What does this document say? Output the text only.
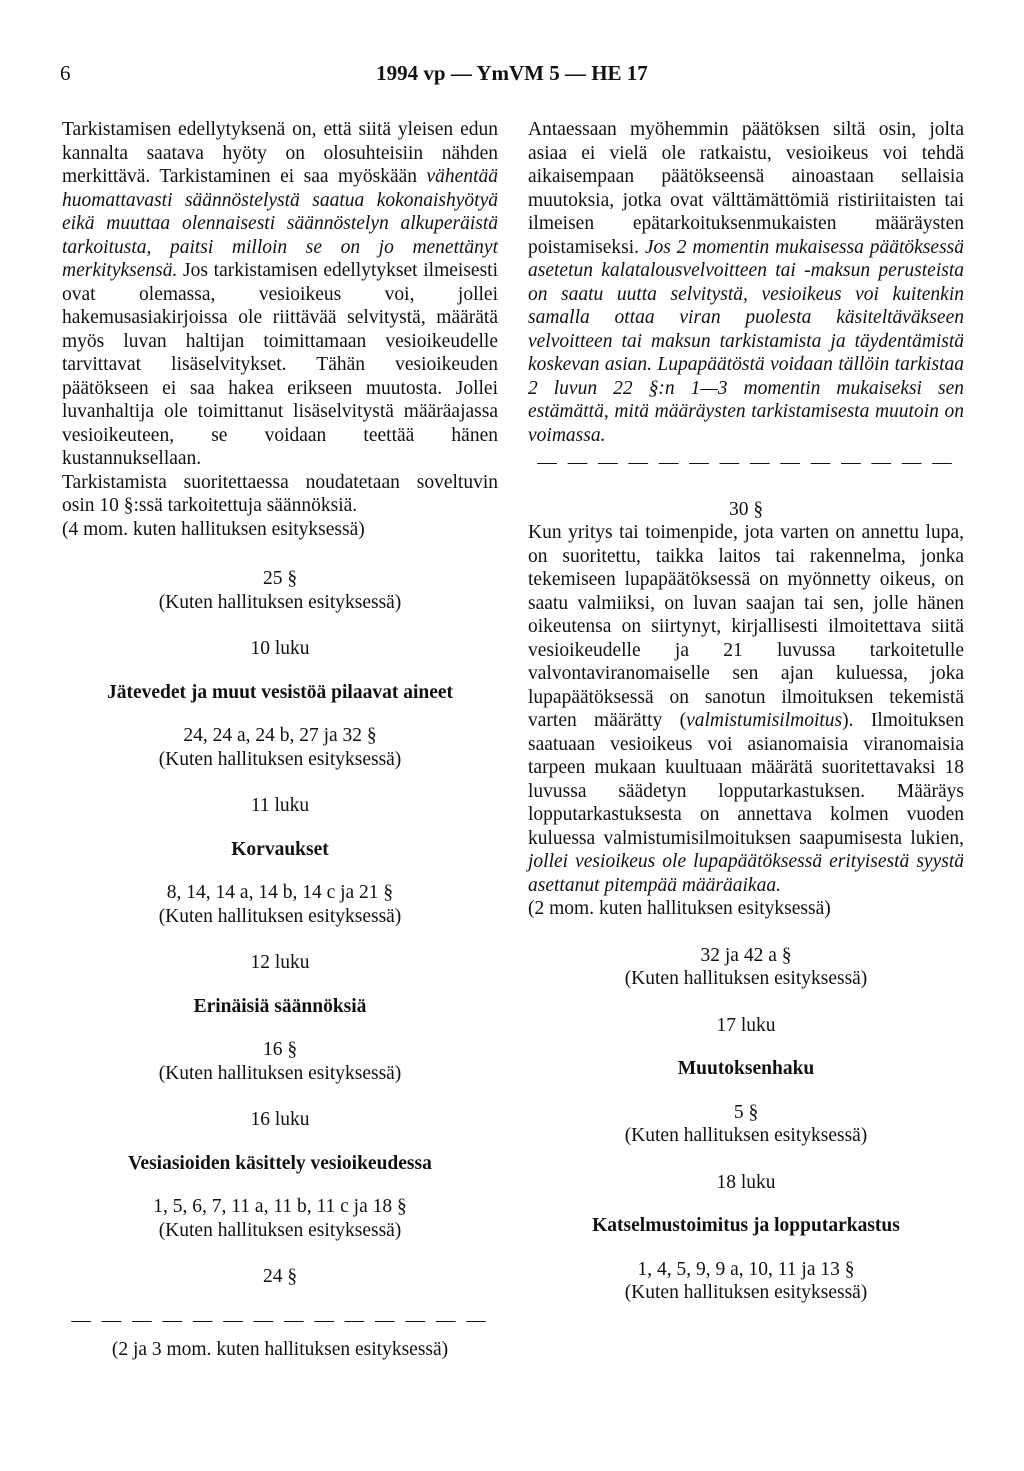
6	1994 vp — YmVM 5 — HE 17

Tarkistamisen edellytyksenä on, että siitä yleisen edun kannalta saatava hyöty on olosuhteisiin nähden merkittävä. Tarkistaminen ei saa myöskään vähentää huomattavasti säännöstelystä saatua kokonaishyötyä eikä muuttaa olennaisesti säännöstelyn alkuperäistä tarkoitusta, paitsi milloin se on jo menettänyt merkityksensä. Jos tarkistamisen edellytykset ilmeisesti ovat olemassa, vesioikeus voi, jollei hakemusasiakirjoissa ole riittävää selvitystä, määrätä myös luvan haltijan toimittamaan vesioikeudelle tarvittavat lisäselvitykset. Tähän vesioikeuden päätökseen ei saa hakea erikseen muutosta. Jollei luvanhaltija ole toimittanut lisäselvitystä määräajassa vesioikeuteen, se voidaan teettää hänen kustannuksellaan.

Tarkistamista suoritettaessa noudatetaan soveltuvin osin 10 §:ssä tarkoitettuja säännöksiä.

(4 mom. kuten hallituksen esityksessä)

25 §

(Kuten hallituksen esityksessä)

10 luku

Jätevedet ja muut vesistöä pilaavat aineet

24, 24 a, 24 b, 27 ja 32 §

(Kuten hallituksen esityksessä)

11 luku

Korvaukset

8, 14, 14 a, 14 b, 14 c ja 21 §

(Kuten hallituksen esityksessä)

12 luku

Erinäisiä säännöksiä

16 §

(Kuten hallituksen esityksessä)

16 luku

Vesiasioiden käsittely vesioikeudessa

1, 5, 6, 7, 11 a, 11 b, 11 c ja 18 §

(Kuten hallituksen esityksessä)

24 §

— — — — — — — — — — — — — —

(2 ja 3 mom. kuten hallituksen esityksessä)

Antaessaan myöhemmin päätöksen siltä osin, jolta asiaa ei vielä ole ratkaistu, vesioikeus voi tehdä aikaisempaan päätökseensä ainoastaan sellaisia muutoksia, jotka ovat välttämättömiä ristiriitaisten tai ilmeisen epätarkoituksenmukaisten määräysten poistamiseksi. Jos 2 momentin mukaisessa päätöksessä asetetun kalatalousvelvoitteen tai -maksun perusteista on saatu uutta selvitystä, vesioikeus voi kuitenkin samalla ottaa viran puolesta käsiteltäväkseen velvoitteen tai maksun tarkistamista ja täydentämistä koskevan asian. Lupapäätöstä voidaan tällöin tarkistaa 2 luvun 22 §:n 1—3 momentin mukaiseksi sen estämättä, mitä määräysten tarkistamisesta muutoin on voimassa.

— — — — — — — — — — — — — —

30 §

Kun yritys tai toimenpide, jota varten on annettu lupa, on suoritettu, taikka laitos tai rakennelma, jonka tekemiseen lupapäätöksessä on myönnetty oikeus, on saatu valmiiksi, on luvan saajan tai sen, jolle hänen oikeutensa on siirtynyt, kirjallisesti ilmoitettava siitä vesioikeudelle ja 21 luvussa tarkoitetulle valvontaviranomaiselle sen ajan kuluessa, joka lupapäätöksessä on sanotun ilmoituksen tekemistä varten määrätty (valmistumisilmoitus). Ilmoituksen saatuaan vesioikeus voi asianomaisia viranomaisia tarpeen mukaan kuultuaan määrätä suoritettavaksi 18 luvussa säädetyn lopputarkastuksen. Määräys lopputarkastuksesta on annettava kolmen vuoden kuluessa valmistumisilmoituksen saapumisesta lukien, jollei vesioikeus ole lupapäätöksessä erityisestä syystä asettanut pitempää määräaikaa.

(2 mom. kuten hallituksen esityksessä)

32 ja 42 a §

(Kuten hallituksen esityksessä)

17 luku

Muutoksenhaku

5 §

(Kuten hallituksen esityksessä)

18 luku

Katselmustoimitus ja lopputarkastus

1, 4, 5, 9, 9 a, 10, 11 ja 13 §

(Kuten hallituksen esityksessä)
